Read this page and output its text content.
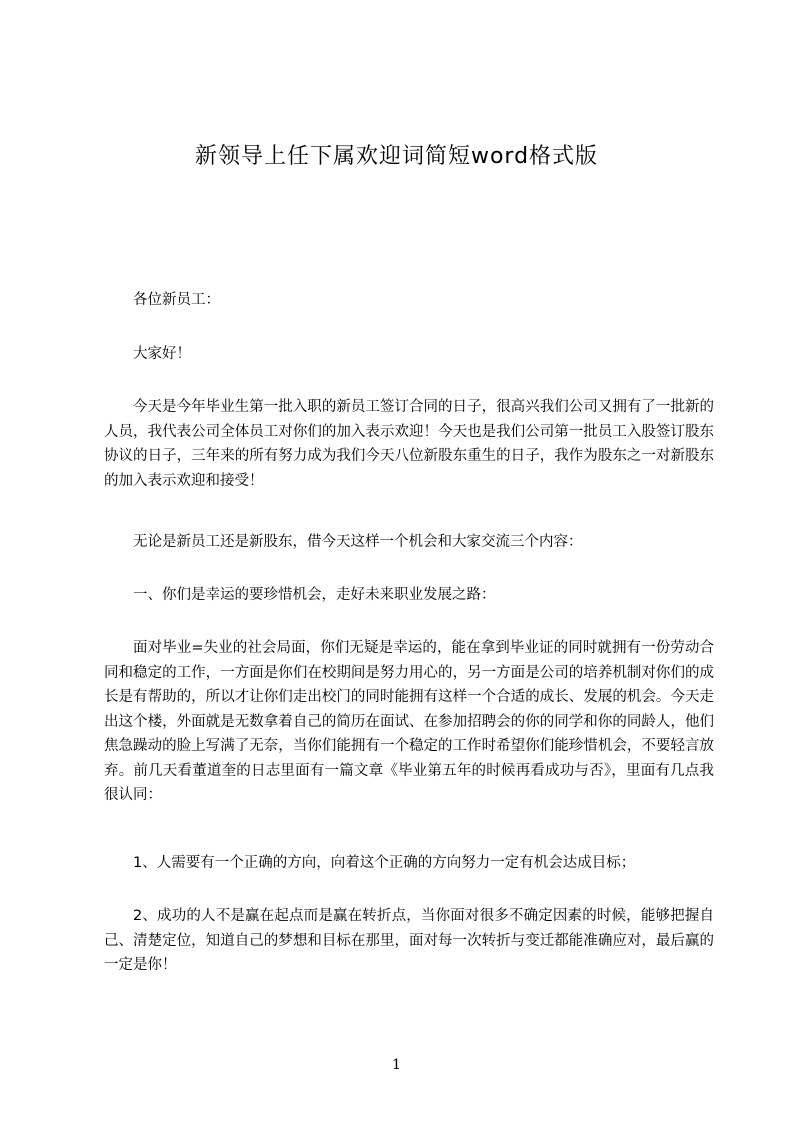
新领导上任下属欢迎词简短word格式版
各位新员工：
大家好！
今天是今年毕业生第一批入职的新员工签订合同的日子，很高兴我们公司又拥有了一批新的人员，我代表公司全体员工对你们的加入表示欢迎！今天也是我们公司第一批员工入股签订股东协议的日子，三年来的所有努力成为我们今天八位新股东重生的日子，我作为股东之一对新股东的加入表示欢迎和接受！
无论是新员工还是新股东，借今天这样一个机会和大家交流三个内容：
一、你们是幸运的要珍惜机会，走好未来职业发展之路：
面对毕业=失业的社会局面，你们无疑是幸运的，能在拿到毕业证的同时就拥有一份劳动合同和稳定的工作，一方面是你们在校期间是努力用心的，另一方面是公司的培养机制对你们的成长是有帮助的，所以才让你们走出校门的同时能拥有这样一个合适的成长、发展的机会。今天走出这个楼，外面就是无数拿着自己的简历在面试、在参加招聘会的你的同学和你的同龄人，他们焦急躁动的脸上写满了无奈，当你们能拥有一个稳定的工作时希望你们能珍惜机会，不要轻言放弃。前几天看董道奎的日志里面有一篇文章《毕业第五年的时候再看成功与否》，里面有几点我很认同：
1、人需要有一个正确的方向，向着这个正确的方向努力一定有机会达成目标；
2、成功的人不是赢在起点而是赢在转折点，当你面对很多不确定因素的时候，能够把握自己、清楚定位，知道自己的梦想和目标在那里，面对每一次转折与变迁都能准确应对，最后赢的一定是你！
1
